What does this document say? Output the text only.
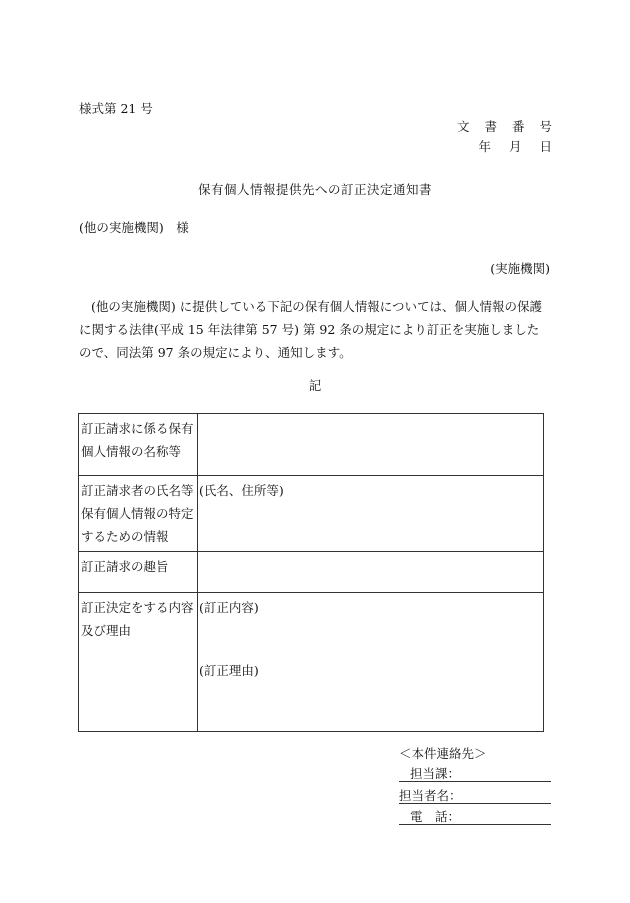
様式第 21 号
文書番号
年月日
保有個人情報提供先への訂正決定通知書
(他の実施機関)　様
(実施機関)
(他の実施機関) に提供している下記の保有個人情報については、個人情報の保護に関する法律(平成 15 年法律第 57 号) 第 92 条の規定により訂正を実施しましたので、同法第 97 条の規定により、通知します。
記
訂正請求に係る保有個人情報の名称等	
訂正請求者の氏名等保有個人情報の特定するための情報	(氏名、住所等)
訂正請求の趣旨	
訂正決定をする内容及び理由	(訂正内容)
(訂正理由)
＜本件連絡先＞
担当課：
担当者名：
電　話：
